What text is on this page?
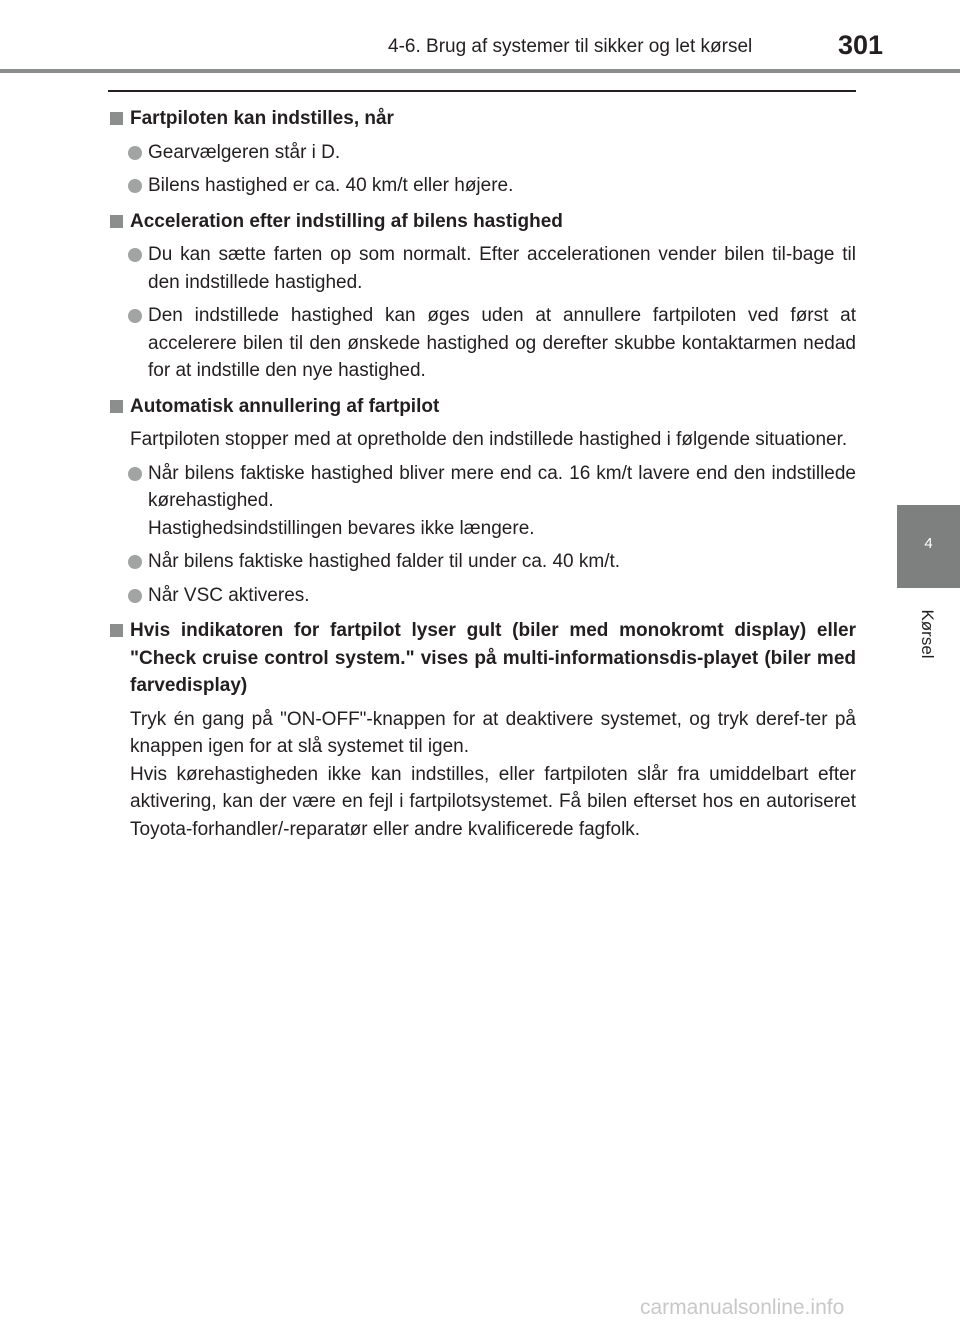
4-6. Brug af systemer til sikker og let kørsel	301
4
Kørsel
Fartpiloten kan indstilles, når
Gearvælgeren står i D.
Bilens hastighed er ca. 40 km/t eller højere.
Acceleration efter indstilling af bilens hastighed
Du kan sætte farten op som normalt. Efter accelerationen vender bilen til-bage til den indstillede hastighed.
Den indstillede hastighed kan øges uden at annullere fartpiloten ved først at accelerere bilen til den ønskede hastighed og derefter skubbe kontaktarmen nedad for at indstille den nye hastighed.
Automatisk annullering af fartpilot
Fartpiloten stopper med at opretholde den indstillede hastighed i følgende situationer.
Når bilens faktiske hastighed bliver mere end ca. 16 km/t lavere end den indstillede kørehastighed.
Hastighedsindstillingen bevares ikke længere.
Når bilens faktiske hastighed falder til under ca. 40 km/t.
Når VSC aktiveres.
Hvis indikatoren for fartpilot lyser gult (biler med monokromt display) eller "Check cruise control system." vises på multi-informationsdis-playet (biler med farvedisplay)
Tryk én gang på "ON-OFF"-knappen for at deaktivere systemet, og tryk deref-ter på knappen igen for at slå systemet til igen.
Hvis kørehastigheden ikke kan indstilles, eller fartpiloten slår fra umiddelbart efter aktivering, kan der være en fejl i fartpilotsystemet. Få bilen efterset hos en autoriseret Toyota-forhandler/-reparatør eller andre kvalificerede fagfolk.
carmanualsonline.info
